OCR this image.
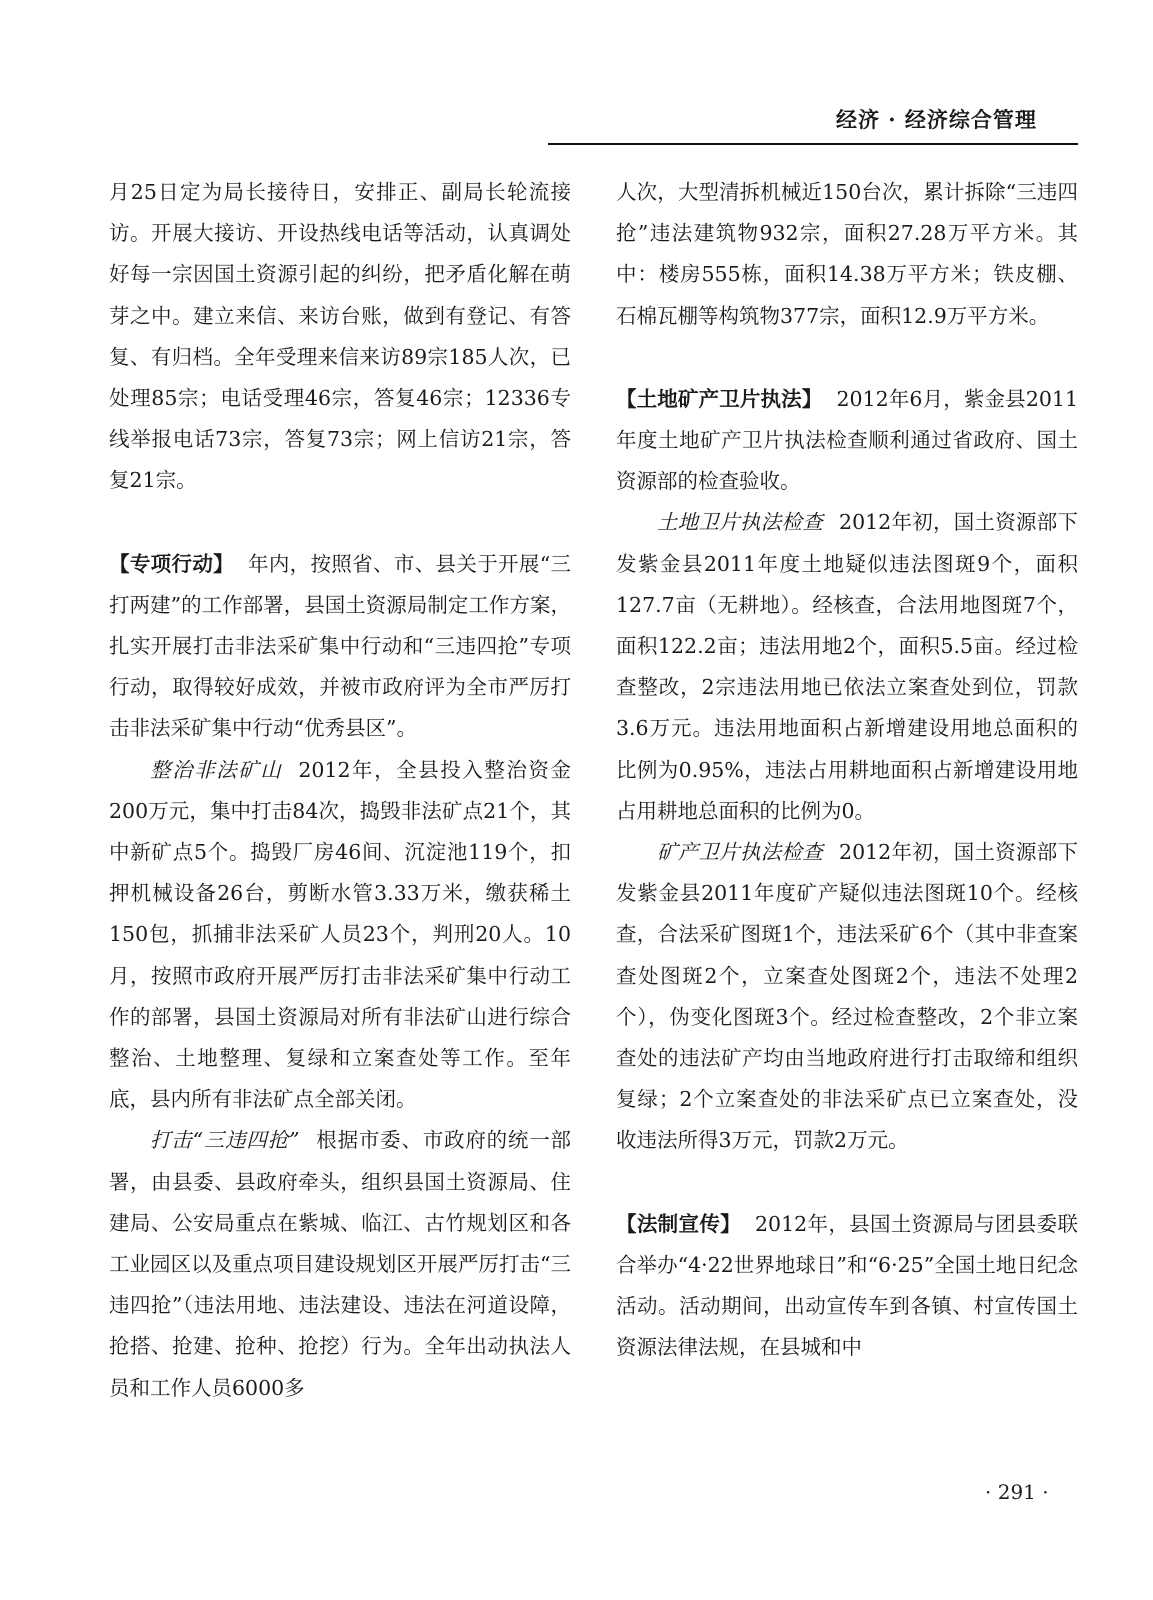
经济 · 经济综合管理

月25日定为局长接待日，安排正、副局长轮流接访。开展大接访、开设热线电话等活动，认真调处好每一宗因国土资源引起的纠纷，把矛盾化解在萌芽之中。建立来信、来访台账，做到有登记、有答复、有归档。全年受理来信来访89宗185人次，已处理85宗；电话受理46宗，答复46宗；12336专线举报电话73宗，答复73宗；网上信访21宗，答复21宗。

【专项行动】 年内，按照省、市、县关于开展“三打两建”的工作部署，县国土资源局制定工作方案，扎实开展打击非法采矿集中行动和“三违四抢”专项行动，取得较好成效，并被市政府评为全市严厉打击非法采矿集中行动“优秀县区”。

整治非法矿山 2012年，全县投入整治资金200万元，集中打击84次，捣毁非法矿点21个，其中新矿点5个。捣毁厂房46间、沉淀池119个，扣押机械设备26台，剪断水管3.33万米，缴获稀土150包，抓捕非法采矿人员23个，判刑20人。10月，按照市政府开展严厉打击非法采矿集中行动工作的部署，县国土资源局对所有非法矿山进行综合整治、土地整理、复绿和立案查处等工作。至年底，县内所有非法矿点全部关闭。

打击“三违四抢” 根据市委、市政府的统一部署，由县委、县政府牵头，组织县国土资源局、住建局、公安局重点在紫城、临江、古竹规划区和各工业园区以及重点项目建设规划区开展严厉打击“三违四抢”（违法用地、违法建设、违法在河道设障，抢搭、抢建、抢种、抢挖）行为。全年出动执法人员和工作人员6000多

人次，大型清拆机械近150台次，累计拆除“三违四抢”违法建筑物932宗，面积27.28万平方米。其中：楼房555栋，面积14.38万平方米；铁皮棚、石棉瓦棚等构筑物377宗，面积12.9万平方米。

【土地矿产卫片执法】 2012年6月，紫金县2011年度土地矿产卫片执法检查顺利通过省政府、国土资源部的检查验收。

土地卫片执法检查 2012年初，国土资源部下发紫金县2011年度土地疑似违法图斑9个，面积127.7亩（无耕地）。经核查，合法用地图斑7个，面积122.2亩；违法用地2个，面积5.5亩。经过检查整改，2宗违法用地已依法立案查处到位，罚款3.6万元。违法用地面积占新增建设用地总面积的比例为0.95%，违法占用耕地面积占新增建设用地占用耕地总面积的比例为0。

矿产卫片执法检查 2012年初，国土资源部下发紫金县2011年度矿产疑似违法图斑10个。经核查，合法采矿图斑1个，违法采矿6个（其中非查案查处图斑2个，立案查处图斑2个，违法不处理2个），伪变化图斑3个。经过检查整改，2个非立案查处的违法矿产均由当地政府进行打击取缔和组织复绿；2个立案查处的非法采矿点已立案查处，没收违法所得3万元，罚款2万元。

【法制宣传】 2012年，县国土资源局与团县委联合举办“4·22世界地球日”和“6·25”全国土地日纪念活动。活动期间，出动宣传车到各镇、村宣传国土资源法律法规，在县城和中

· 291 ·
